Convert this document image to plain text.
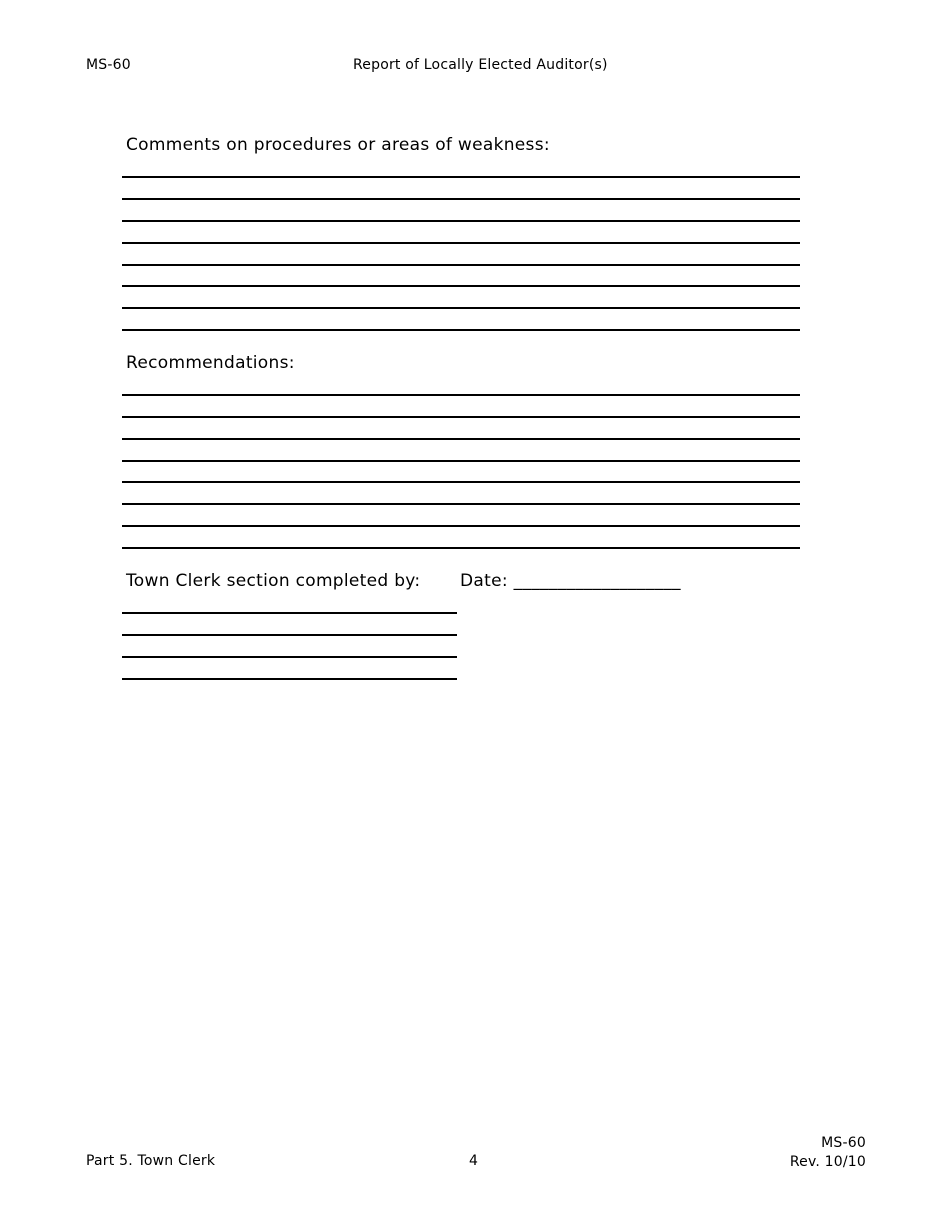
MS-60	Report of Locally Elected Auditor(s)
Comments on procedures or areas of weakness:
Recommendations:
Town Clerk section completed by: Date: ___________________
Part 5. Town Clerk	4
MS-60
Rev. 10/10
